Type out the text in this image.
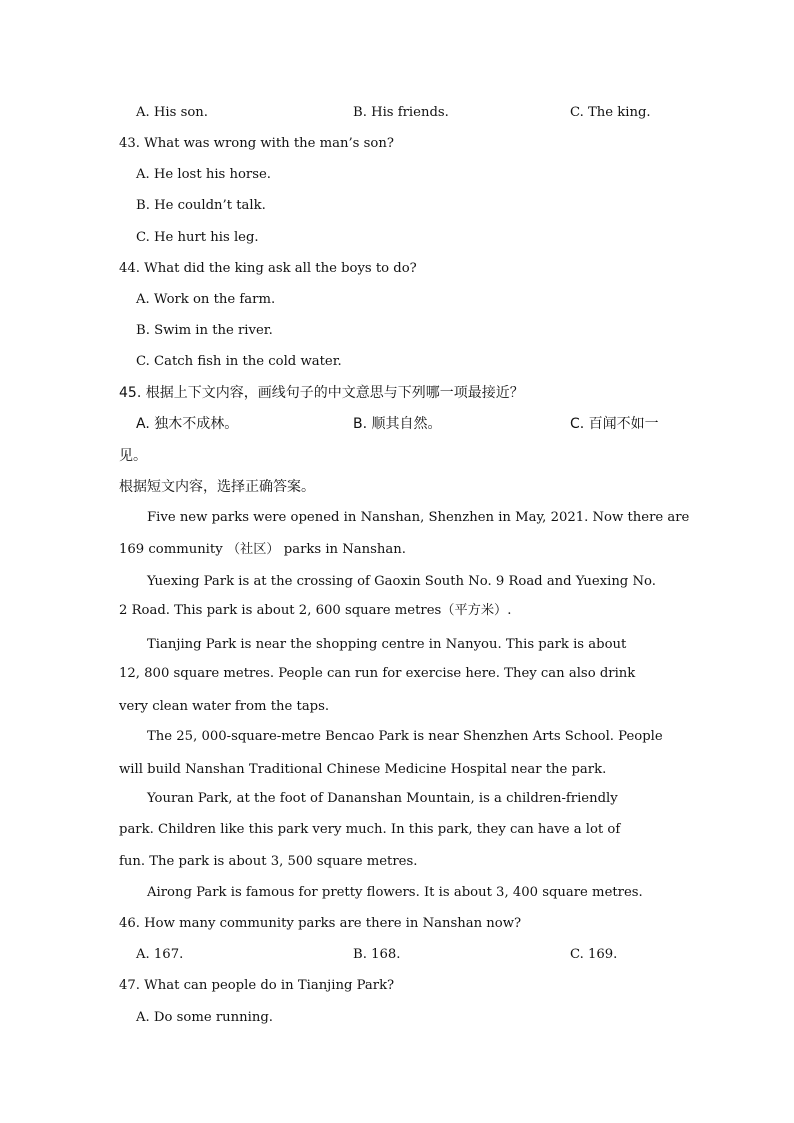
A. His son.	B. His friends.	C. The king.
43. What was wrong with the man’s son?
A. He lost his horse.
B. He couldn’t talk.
C. He hurt his leg.
44. What did the king ask all the boys to do?
A. Work on the farm.
B. Swim in the river.
C. Catch fish in the cold water.
45. 根据上下文内容，画线句子的中文意思与下列哪一项最接近？
A. 独木不成林。	B. 顺其自然。	C. 百闻不如一
见。
根据短文内容，选择正确答案。
Five new parks were opened in Nanshan, Shenzhen in May, 2021. Now there are
169 community （社区） parks in Nanshan.
Yuexing Park is at the crossing of Gaoxin South No. 9 Road and Yuexing No.
2 Road. This park is about 2, 600 square metres（平方米）.
Tianjing Park is near the shopping centre in Nanyou. This park is about
12, 800 square metres. People can run for exercise here. They can also drink
very clean water from the taps.
The 25, 000-square-metre Bencao Park is near Shenzhen Arts School. People
will build Nanshan Traditional Chinese Medicine Hospital near the park.
Youran Park, at the foot of Dananshan Mountain, is a children-friendly
park. Children like this park very much. In this park, they can have a lot of
fun. The park is about 3, 500 square metres.
Airong Park is famous for pretty flowers. It is about 3, 400 square metres.
46. How many community parks are there in Nanshan now?
A. 167.	B. 168.	C. 169.
47. What can people do in Tianjing Park?
A. Do some running.
